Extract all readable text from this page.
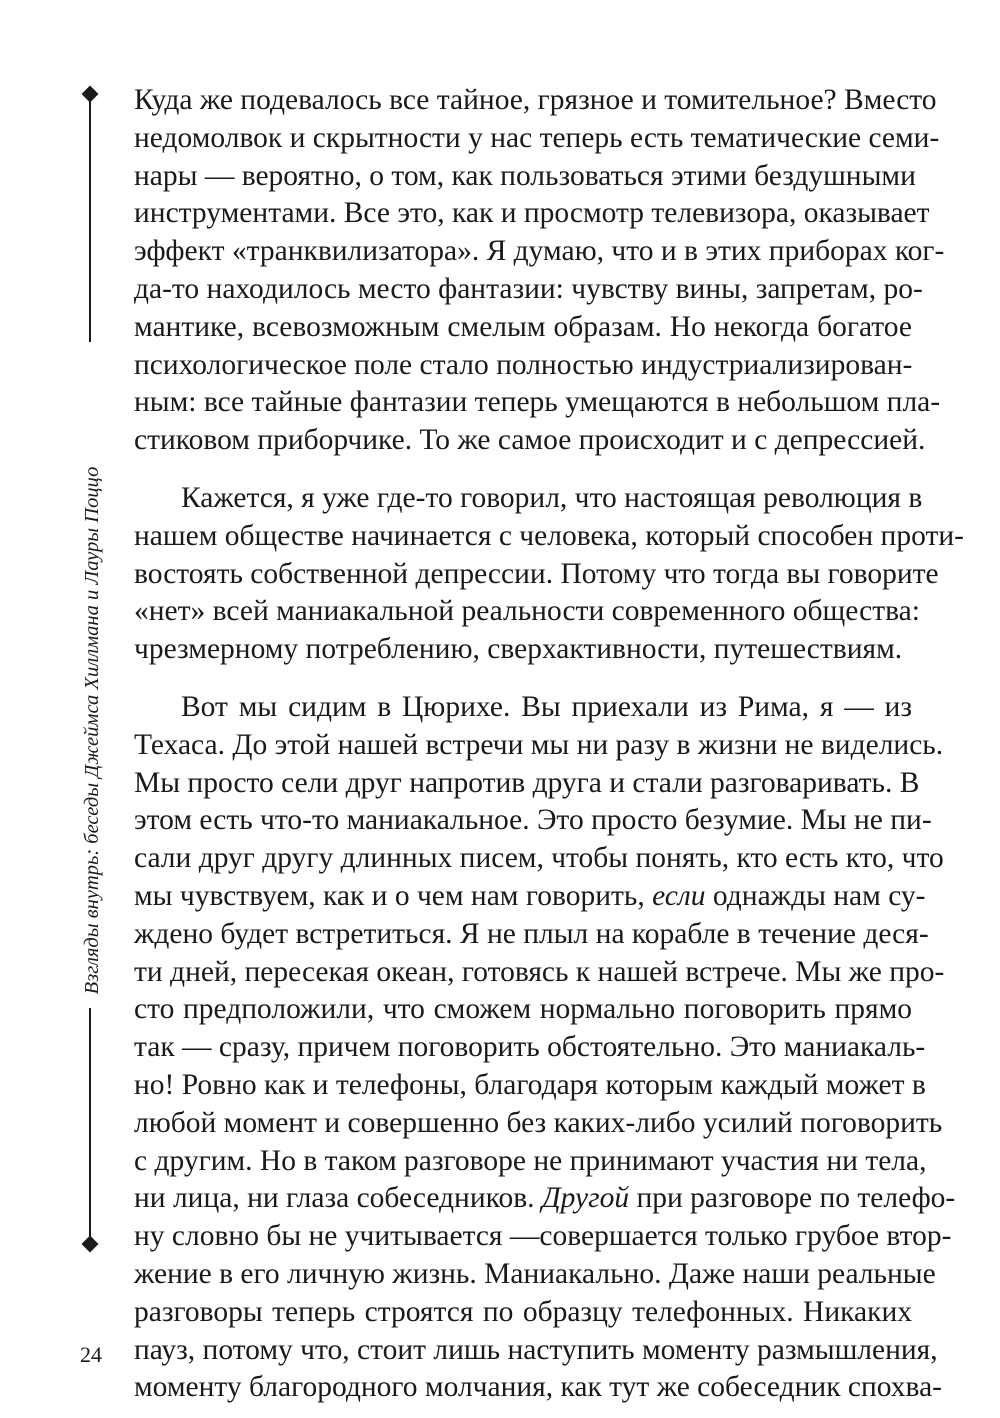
Взгляды внутрь: беседы Джеймса Хиллмана и Лауры Поццо
24
Куда же подевалось все тайное, грязное и томительное? Вместо
недомолвок и скрытности у нас теперь есть тематические семи-
нары — вероятно, о том, как пользоваться этими бездушными
инструментами. Все это, как и просмотр телевизора, оказывает
эффект «транквилизатора». Я думаю, что и в этих приборах ког-
да-то находилось место фантазии: чувству вины, запретам, ро-
мантике, всевозможным смелым образам. Но некогда богатое
психологическое поле стало полностью индустриализирован-
ным: все тайные фантазии теперь умещаются в небольшом пла-
стиковом приборчике. То же самое происходит и с депрессией.
Кажется, я уже где-то говорил, что настоящая революция в
нашем обществе начинается с человека, который способен проти-
востоять собственной депрессии. Потому что тогда вы говорите
«нет» всей маниакальной реальности современного общества:
чрезмерному потреблению, сверхактивности, путешествиям.
Вот мы сидим в Цюрихе. Вы приехали из Рима, я — из
Техаса. До этой нашей встречи мы ни разу в жизни не виделись.
Мы просто сели друг напротив друга и стали разговаривать. В
этом есть что-то маниакальное. Это просто безумие. Мы не пи-
сали друг другу длинных писем, чтобы понять, кто есть кто, что
мы чувствуем, как и о чем нам говорить, если однажды нам су-
ждено будет встретиться. Я не плыл на корабле в течение деся-
ти дней, пересекая океан, готовясь к нашей встрече. Мы же про-
сто предположили, что сможем нормально поговорить прямо
так — сразу, причем поговорить обстоятельно. Это маниакаль-
но! Ровно как и телефоны, благодаря которым каждый может в
любой момент и совершенно без каких-либо усилий поговорить
с другим. Но в таком разговоре не принимают участия ни тела,
ни лица, ни глаза собеседников. Другой при разговоре по телефо-
ну словно бы не учитывается —совершается только грубое втор-
жение в его личную жизнь. Маниакально. Даже наши реальные
разговоры теперь строятся по образцу телефонных. Никаких
пауз, потому что, стоит лишь наступить моменту размышления,
моменту благородного молчания, как тут же собеседник спохва-
